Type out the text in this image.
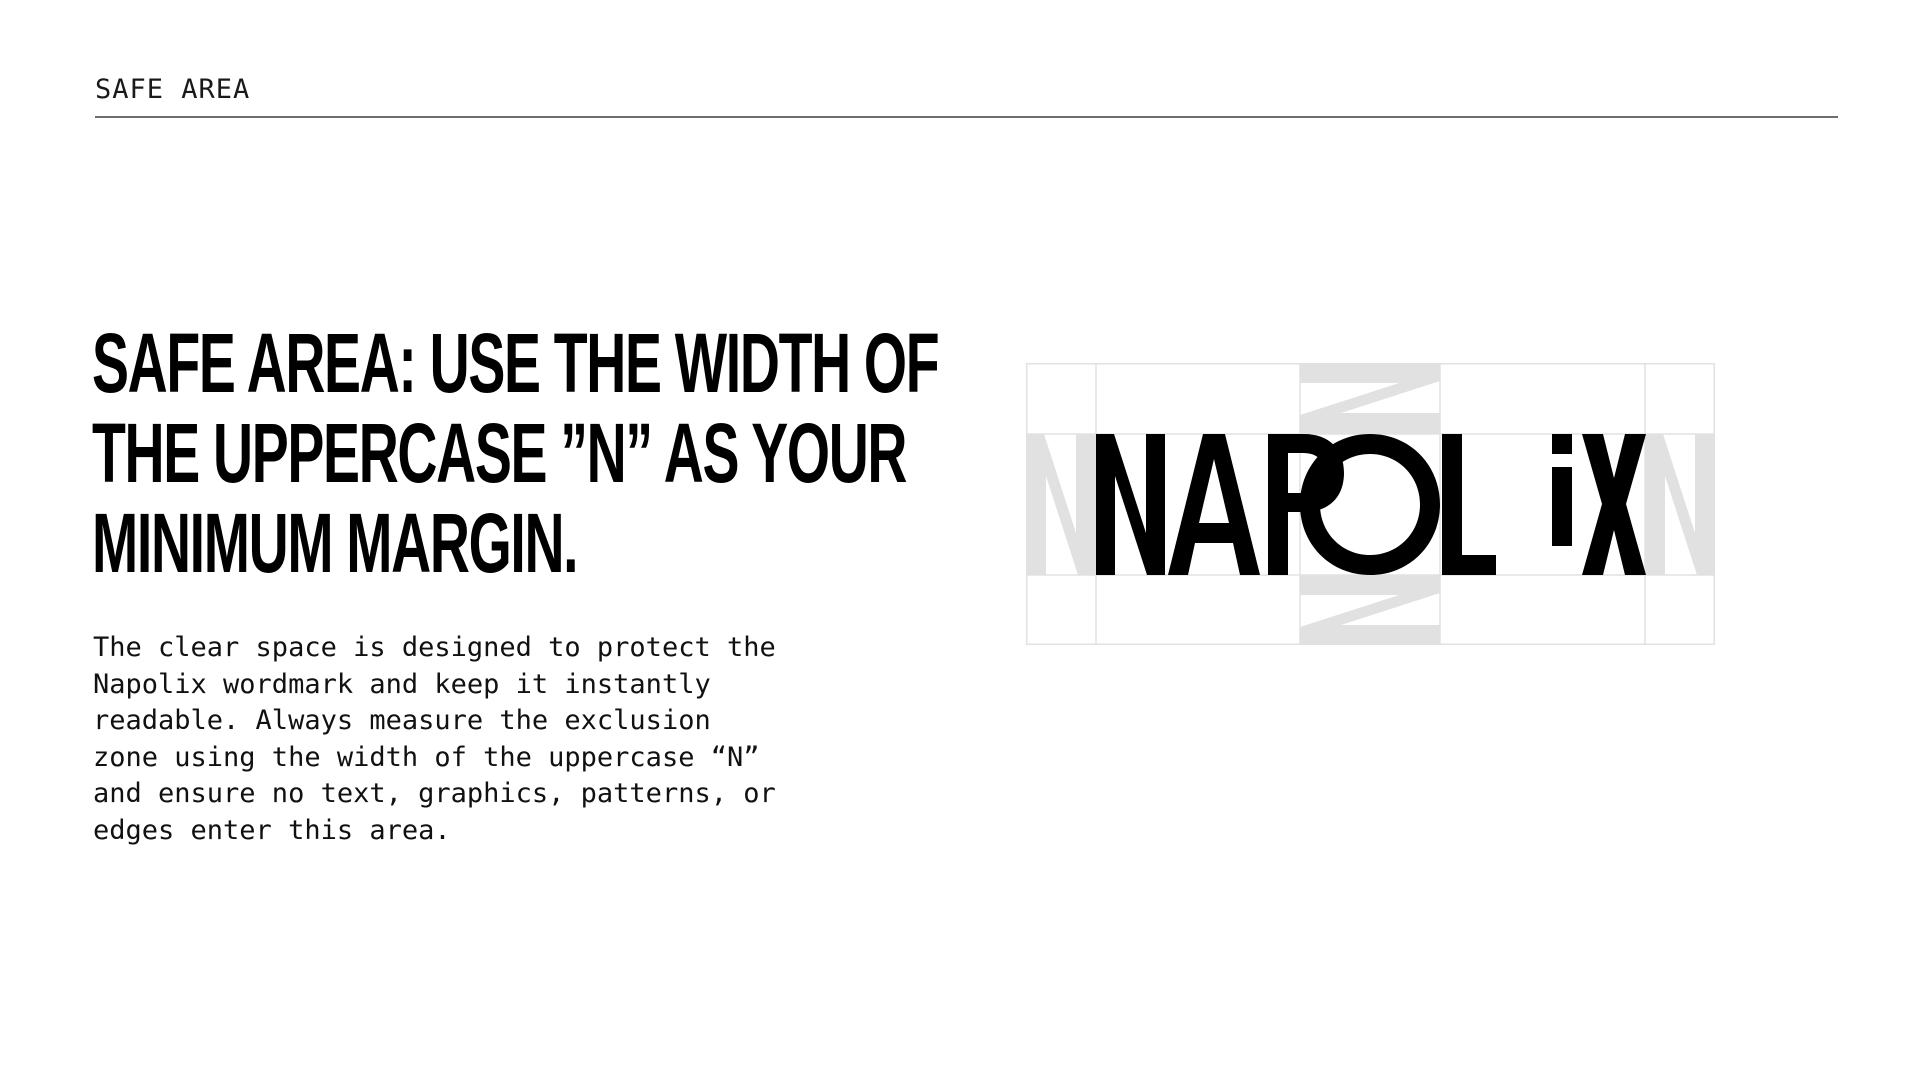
SAFE AREA
SAFE AREA: USE THE WIDTH OF
THE UPPERCASE ”N” AS YOUR
MINIMUM MARGIN.

The clear space is designed to protect the
Napolix wordmark and keep it instantly
readable. Always measure the exclusion
zone using the width of the uppercase “N”
and ensure no text, graphics, patterns, or
edges enter this area.
